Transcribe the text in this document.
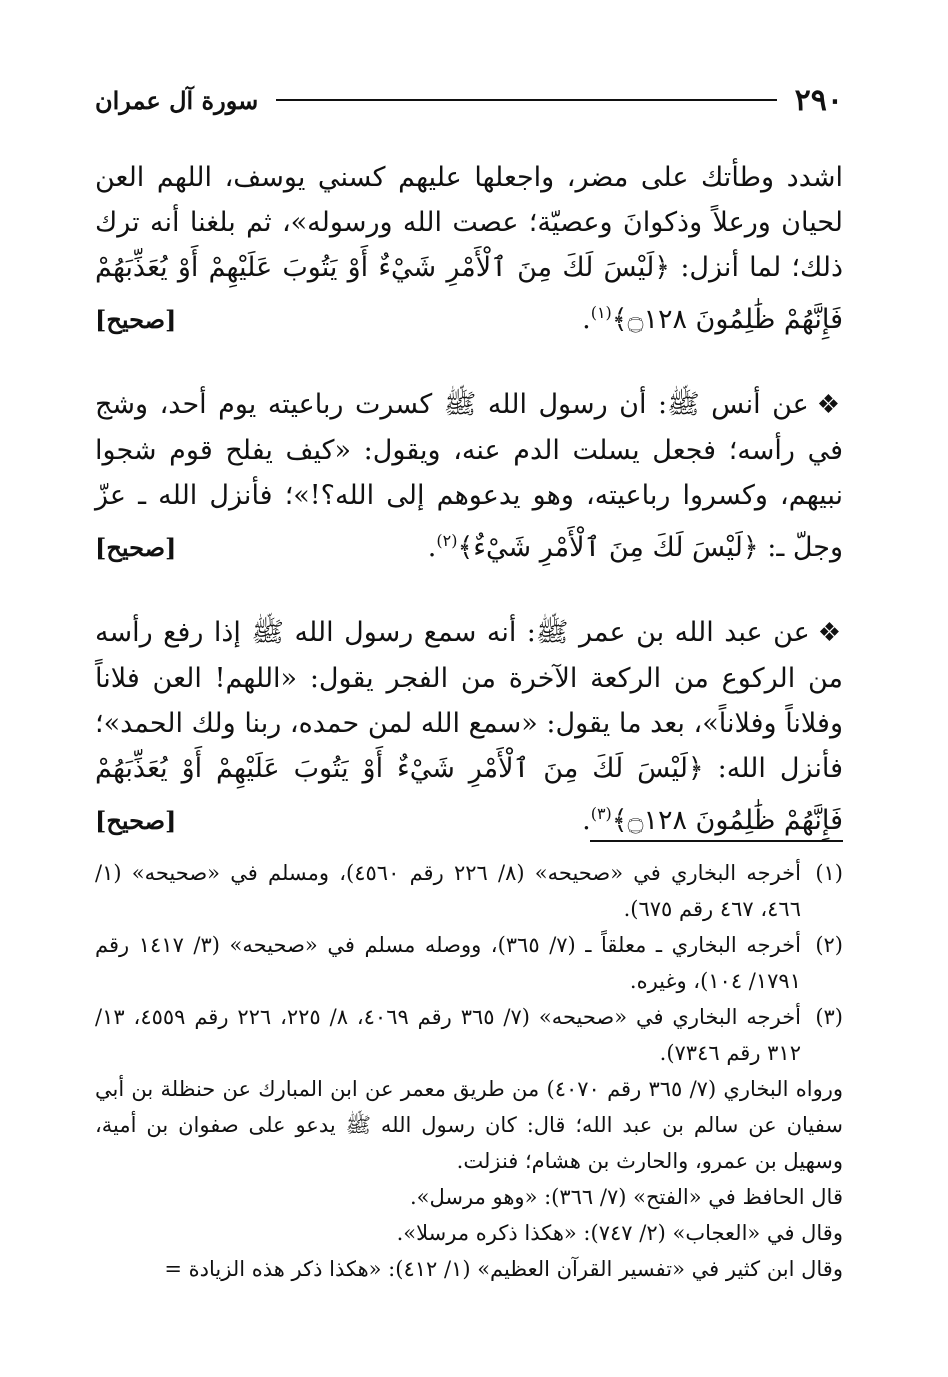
٢٩٠
سورة آل عمران

اشدد وطأتك على مضر، واجعلها عليهم كسني يوسف، اللهم العن لحيان ورعلاً وذكوانَ وعصيّة؛ عصت الله ورسوله»، ثم بلغنا أنه ترك ذلك؛ لما أنزل: ﴿لَيْسَ لَكَ مِنَ ٱلْأَمْرِ شَيْءٌ أَوْ يَتُوبَ عَلَيْهِمْ أَوْ يُعَذِّبَهُمْ فَإِنَّهُمْ ظَٰلِمُونَ ۝١٢٨﴾$^{(١)}$.
[صحيح]

❖عن أنس ﷺ: أن رسول الله ﷺ كسرت رباعيته يوم أحد، وشج في رأسه؛ فجعل يسلت الدم عنه، ويقول: «كيف يفلح قوم شجوا نبيهم، وكسروا رباعيته، وهو يدعوهم إلى الله؟!»؛ فأنزل الله ـ عزّ وجلّ ـ: ﴿لَيْسَ لَكَ مِنَ ٱلْأَمْرِ شَيْءٌ﴾$^{(٢)}$.
[صحيح]

❖عن عبد الله بن عمر ﷺ: أنه سمع رسول الله ﷺ إذا رفع رأسه من الركوع من الركعة الآخرة من الفجر يقول: «اللهم! العن فلاناً وفلاناً وفلاناً»، بعد ما يقول: «سمع الله لمن حمده، ربنا ولك الحمد»؛ فأنزل الله: ﴿لَيْسَ لَكَ مِنَ ٱلْأَمْرِ شَيْءٌ أَوْ يَتُوبَ عَلَيْهِمْ أَوْ يُعَذِّبَهُمْ فَإِنَّهُمْ ظَٰلِمُونَ ۝١٢٨﴾$^{(٣)}$.
[صحيح]

(١)
أخرجه البخاري في «صحيحه» (٨/ ٢٢٦ رقم ٤٥٦٠)، ومسلم في «صحيحه» (١/ ٤٦٦، ٤٦٧ رقم ٦٧٥).
(٢)
أخرجه البخاري ـ معلقاً ـ (٧/ ٣٦٥)، ووصله مسلم في «صحيحه» (٣/ ١٤١٧ رقم ١٧٩١/ ١٠٤)، وغيره.
(٣)
أخرجه البخاري في «صحيحه» (٧/ ٣٦٥ رقم ٤٠٦٩، ٨/ ٢٢٥، ٢٢٦ رقم ٤٥٥٩، ١٣/ ٣١٢ رقم ٧٣٤٦).

ورواه البخاري (٧/ ٣٦٥ رقم ٤٠٧٠) من طريق معمر عن ابن المبارك عن حنظلة بن أبي سفيان عن سالم بن عبد الله؛ قال: كان رسول الله ﷺ يدعو على صفوان بن أمية، وسهيل بن عمرو، والحارث بن هشام؛ فنزلت.

قال الحافظ في «الفتح» (٧/ ٣٦٦): «وهو مرسل».

وقال في «العجاب» (٢/ ٧٤٧): «هكذا ذكره مرسلا».

وقال ابن كثير في «تفسير القرآن العظيم» (١/ ٤١٢): «هكذا ذكر هذه الزيادة =
